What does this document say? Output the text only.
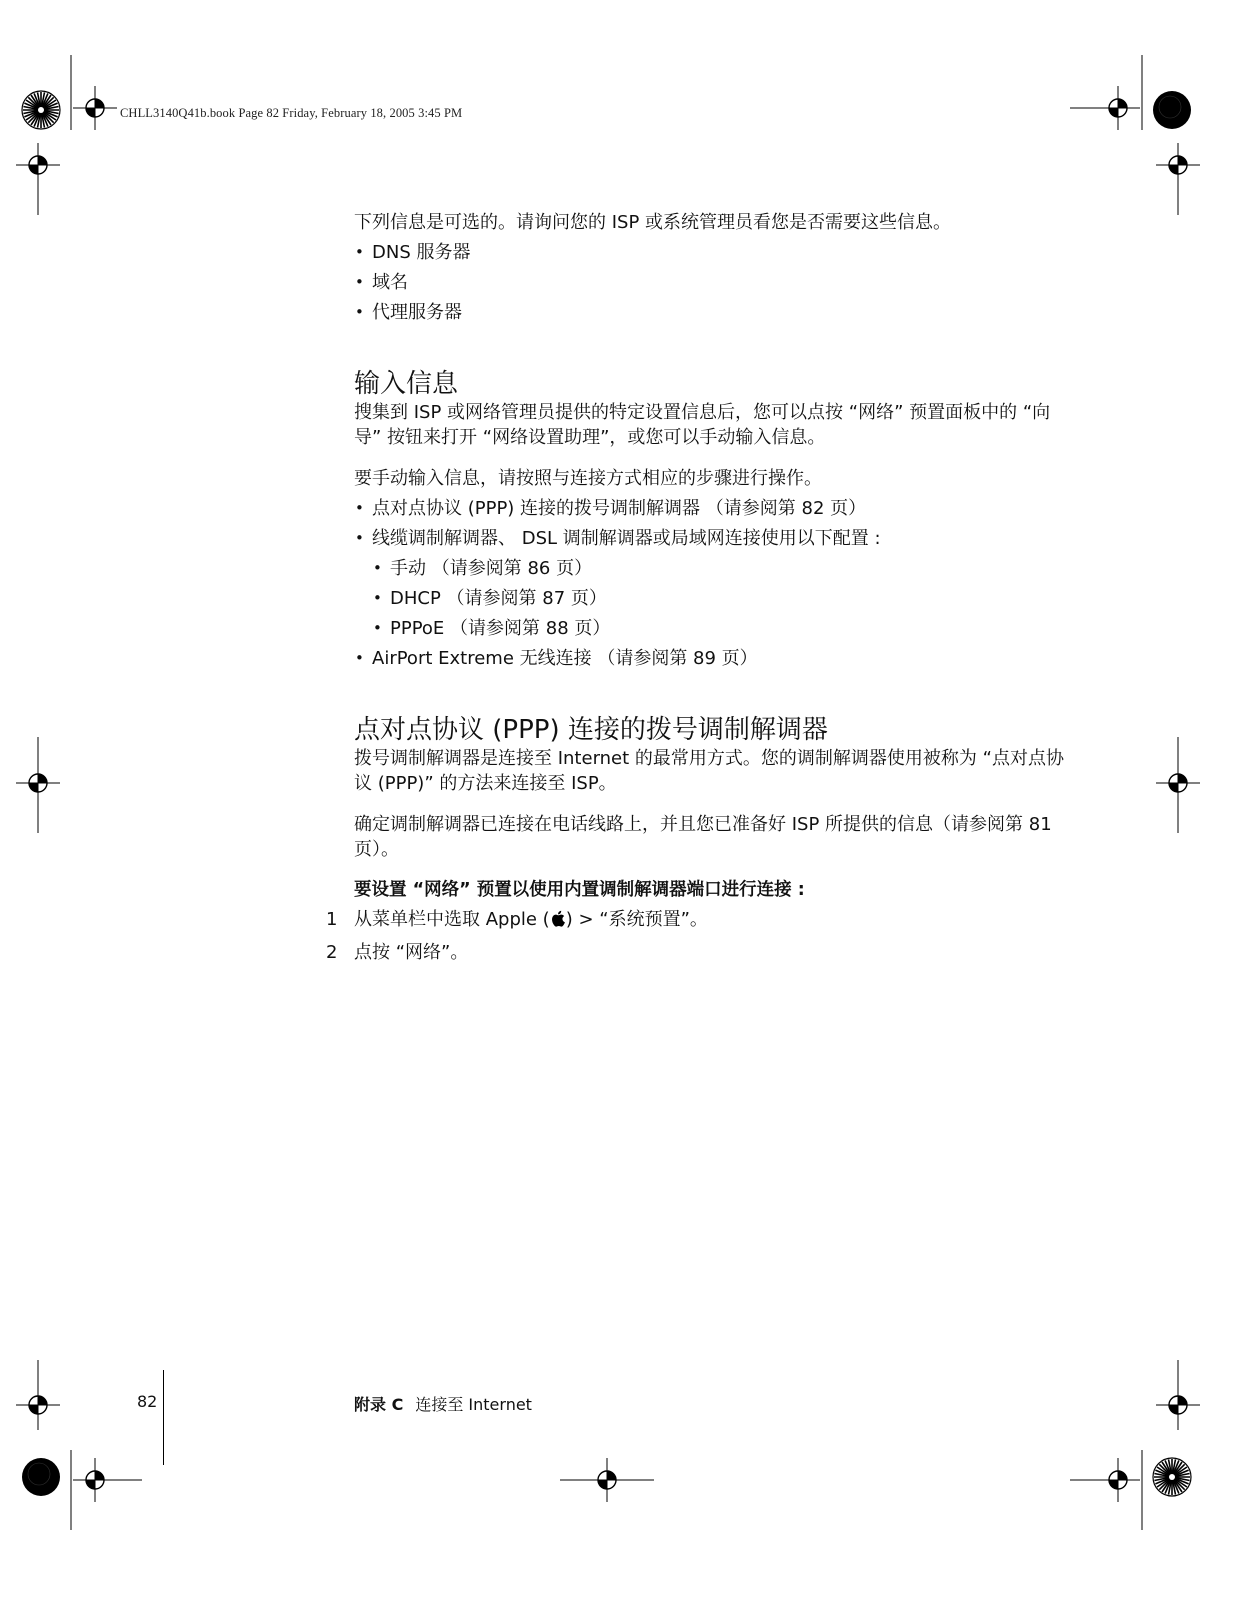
CHLL3140Q41b.book Page 82 Friday, February 18, 2005 3:45 PM

下列信息是可选的。请询问您的 ISP 或系统管理员看您是否需要这些信息。

• DNS 服务器
• 域名
• 代理服务器
输入信息

搜集到 ISP 或网络管理员提供的特定设置信息后，您可以点按 “网络” 预置面板中的 “向导” 按钮来打开 “网络设置助理”，或您可以手动输入信息。

要手动输入信息，请按照与连接方式相应的步骤进行操作。

• 点对点协议 (PPP) 连接的拨号调制解调器 （请参阅第 82 页）
• 线缆调制解调器、 DSL 调制解调器或局域网连接使用以下配置 :
• 手动 （请参阅第 86 页）
• DHCP （请参阅第 87 页）
• PPPoE （请参阅第 88 页）
• AirPort Extreme 无线连接 （请参阅第 89 页）
点对点协议 (PPP) 连接的拨号调制解调器

拨号调制解调器是连接至 Internet 的最常用方式。您的调制解调器使用被称为 “点对点协议 (PPP)” 的方法来连接至 ISP。

确定调制解调器已连接在电话线路上，并且您已准备好 ISP 所提供的信息（请参阅第 81 页）。

要设置 “网络” 预置以使用内置调制解调器端口进行连接 :
1 从菜单栏中选取 Apple ( ) > “系统预置”。
2 点按 “网络”。
82	附录 C 连接至 Internet
